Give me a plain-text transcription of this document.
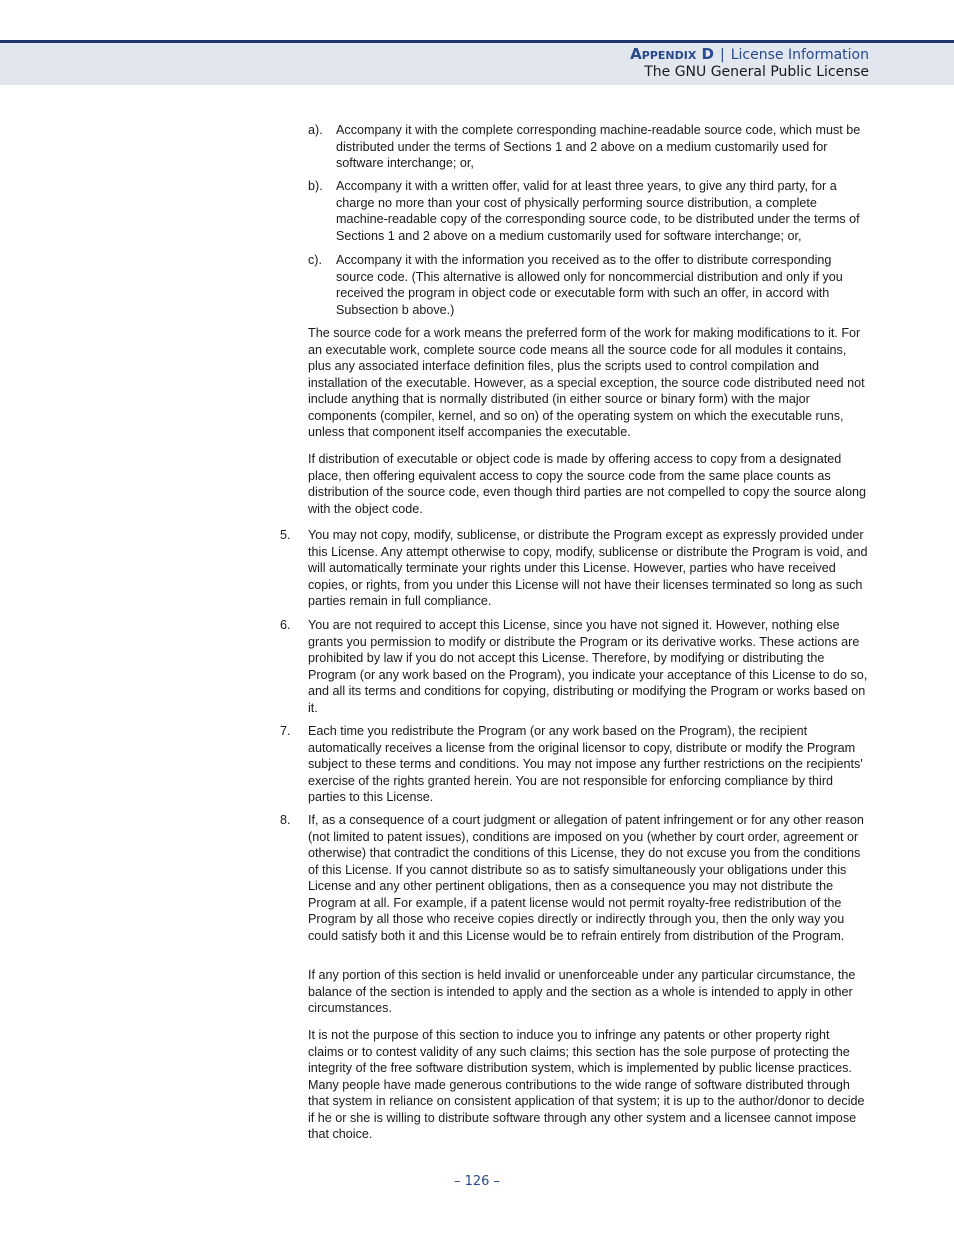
Appendix D | License Information
The GNU General Public License
a). Accompany it with the complete corresponding machine-readable source code, which must be distributed under the terms of Sections 1 and 2 above on a medium customarily used for software interchange; or,
b). Accompany it with a written offer, valid for at least three years, to give any third party, for a charge no more than your cost of physically performing source distribution, a complete machine-readable copy of the corresponding source code, to be distributed under the terms of Sections 1 and 2 above on a medium customarily used for software interchange; or,
c). Accompany it with the information you received as to the offer to distribute corresponding source code. (This alternative is allowed only for noncommercial distribution and only if you received the program in object code or executable form with such an offer, in accord with Subsection b above.)
The source code for a work means the preferred form of the work for making modifications to it. For an executable work, complete source code means all the source code for all modules it contains, plus any associated interface definition files, plus the scripts used to control compilation and installation of the executable. However, as a special exception, the source code distributed need not include anything that is normally distributed (in either source or binary form) with the major components (compiler, kernel, and so on) of the operating system on which the executable runs, unless that component itself accompanies the executable.
If distribution of executable or object code is made by offering access to copy from a designated place, then offering equivalent access to copy the source code from the same place counts as distribution of the source code, even though third parties are not compelled to copy the source along with the object code.
5. You may not copy, modify, sublicense, or distribute the Program except as expressly provided under this License. Any attempt otherwise to copy, modify, sublicense or distribute the Program is void, and will automatically terminate your rights under this License. However, parties who have received copies, or rights, from you under this License will not have their licenses terminated so long as such parties remain in full compliance.
6. You are not required to accept this License, since you have not signed it. However, nothing else grants you permission to modify or distribute the Program or its derivative works. These actions are prohibited by law if you do not accept this License. Therefore, by modifying or distributing the Program (or any work based on the Program), you indicate your acceptance of this License to do so, and all its terms and conditions for copying, distributing or modifying the Program or works based on it.
7. Each time you redistribute the Program (or any work based on the Program), the recipient automatically receives a license from the original licensor to copy, distribute or modify the Program subject to these terms and conditions. You may not impose any further restrictions on the recipients' exercise of the rights granted herein. You are not responsible for enforcing compliance by third parties to this License.
8. If, as a consequence of a court judgment or allegation of patent infringement or for any other reason (not limited to patent issues), conditions are imposed on you (whether by court order, agreement or otherwise) that contradict the conditions of this License, they do not excuse you from the conditions of this License. If you cannot distribute so as to satisfy simultaneously your obligations under this License and any other pertinent obligations, then as a consequence you may not distribute the Program at all. For example, if a patent license would not permit royalty-free redistribution of the Program by all those who receive copies directly or indirectly through you, then the only way you could satisfy both it and this License would be to refrain entirely from distribution of the Program.
If any portion of this section is held invalid or unenforceable under any particular circumstance, the balance of the section is intended to apply and the section as a whole is intended to apply in other circumstances.
It is not the purpose of this section to induce you to infringe any patents or other property right claims or to contest validity of any such claims; this section has the sole purpose of protecting the integrity of the free software distribution system, which is implemented by public license practices. Many people have made generous contributions to the wide range of software distributed through that system in reliance on consistent application of that system; it is up to the author/donor to decide if he or she is willing to distribute software through any other system and a licensee cannot impose that choice.
– 126 –
